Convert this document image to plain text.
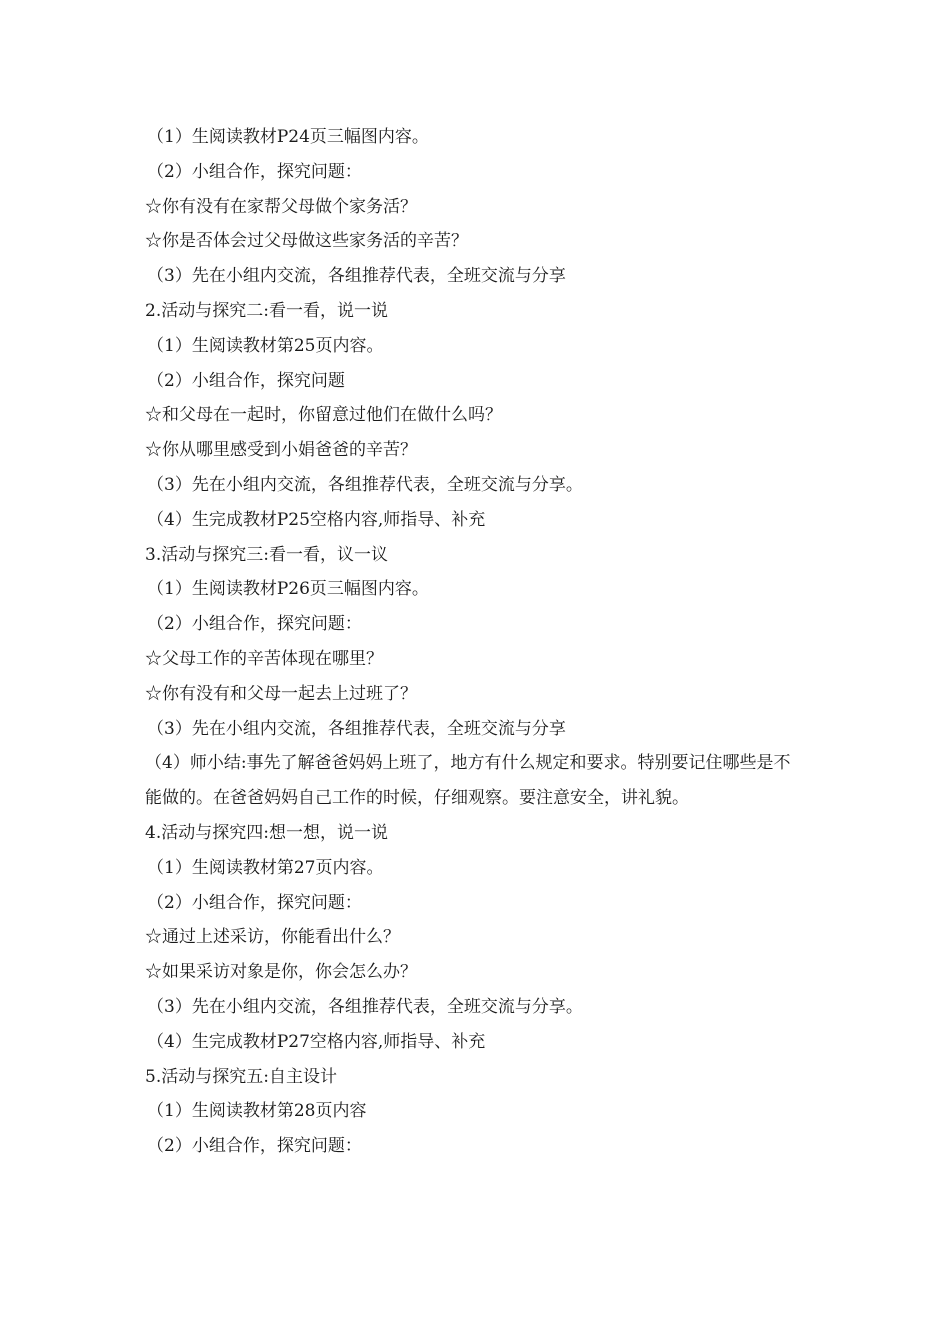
（1）生阅读教材P24页三幅图内容。
（2）小组合作，探究问题：
☆你有没有在家帮父母做个家务活？
☆你是否体会过父母做这些家务活的辛苦？
（3）先在小组内交流，各组推荐代表，全班交流与分享
2.活动与探究二:看一看，说一说
（1）生阅读教材第25页内容。
（2）小组合作，探究问题
☆和父母在一起时，你留意过他们在做什么吗？
☆你从哪里感受到小娟爸爸的辛苦？
（3）先在小组内交流，各组推荐代表，全班交流与分享。
（4）生完成教材P25空格内容,师指导、补充
3.活动与探究三:看一看，议一议
（1）生阅读教材P26页三幅图内容。
（2）小组合作，探究问题：
☆父母工作的辛苦体现在哪里？
☆你有没有和父母一起去上过班了？
（3）先在小组内交流，各组推荐代表，全班交流与分享
（4）师小结:事先了解爸爸妈妈上班了，地方有什么规定和要求。特别要记住哪些是不能做的。在爸爸妈妈自己工作的时候，仔细观察。要注意安全，讲礼貌。
4.活动与探究四:想一想，说一说
（1）生阅读教材第27页内容。
（2）小组合作，探究问题：
☆通过上述采访，你能看出什么？
☆如果采访对象是你，你会怎么办？
（3）先在小组内交流，各组推荐代表，全班交流与分享。
（4）生完成教材P27空格内容,师指导、补充
5.活动与探究五:自主设计
（1）生阅读教材第28页内容
（2）小组合作，探究问题：
